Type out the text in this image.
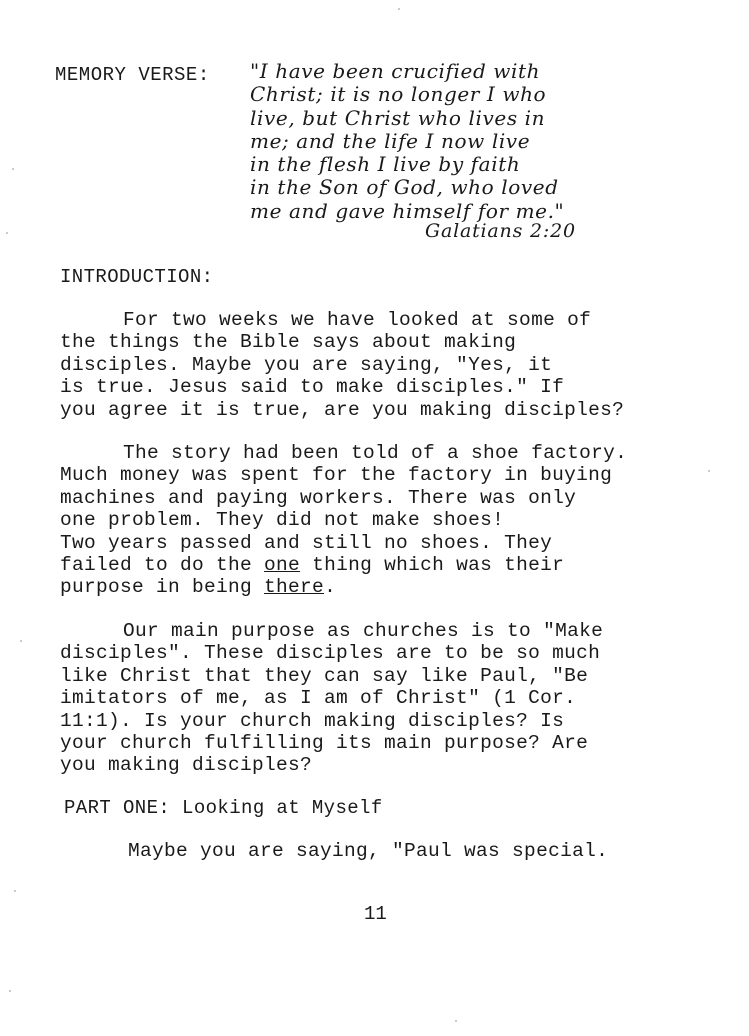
MEMORY VERSE: "I have been crucified with
Christ; it is no longer I who
live, but Christ who lives in
me; and the life I now live
in the flesh I live by faith
in the Son of God, who loved
me and gave himself for me."
Galatians 2:20
INTRODUCTION:
For two weeks we have looked at some of
the things the Bible says about making
disciples. Maybe you are saying, "Yes, it
is true. Jesus said to make disciples." If
you agree it is true, are you making disciples?
The story had been told of a shoe factory.
Much money was spent for the factory in buying
machines and paying workers. There was only
one problem. They did not make shoes!
Two years passed and still no shoes. They
failed to do the one thing which was their
purpose in being there.
Our main purpose as churches is to "Make
disciples". These disciples are to be so much
like Christ that they can say like Paul, "Be
imitators of me, as I am of Christ" (1 Cor.
11:1). Is your church making disciples? Is
your church fulfilling its main purpose? Are
you making disciples?
PART ONE: Looking at Myself
Maybe you are saying, "Paul was special.
11
